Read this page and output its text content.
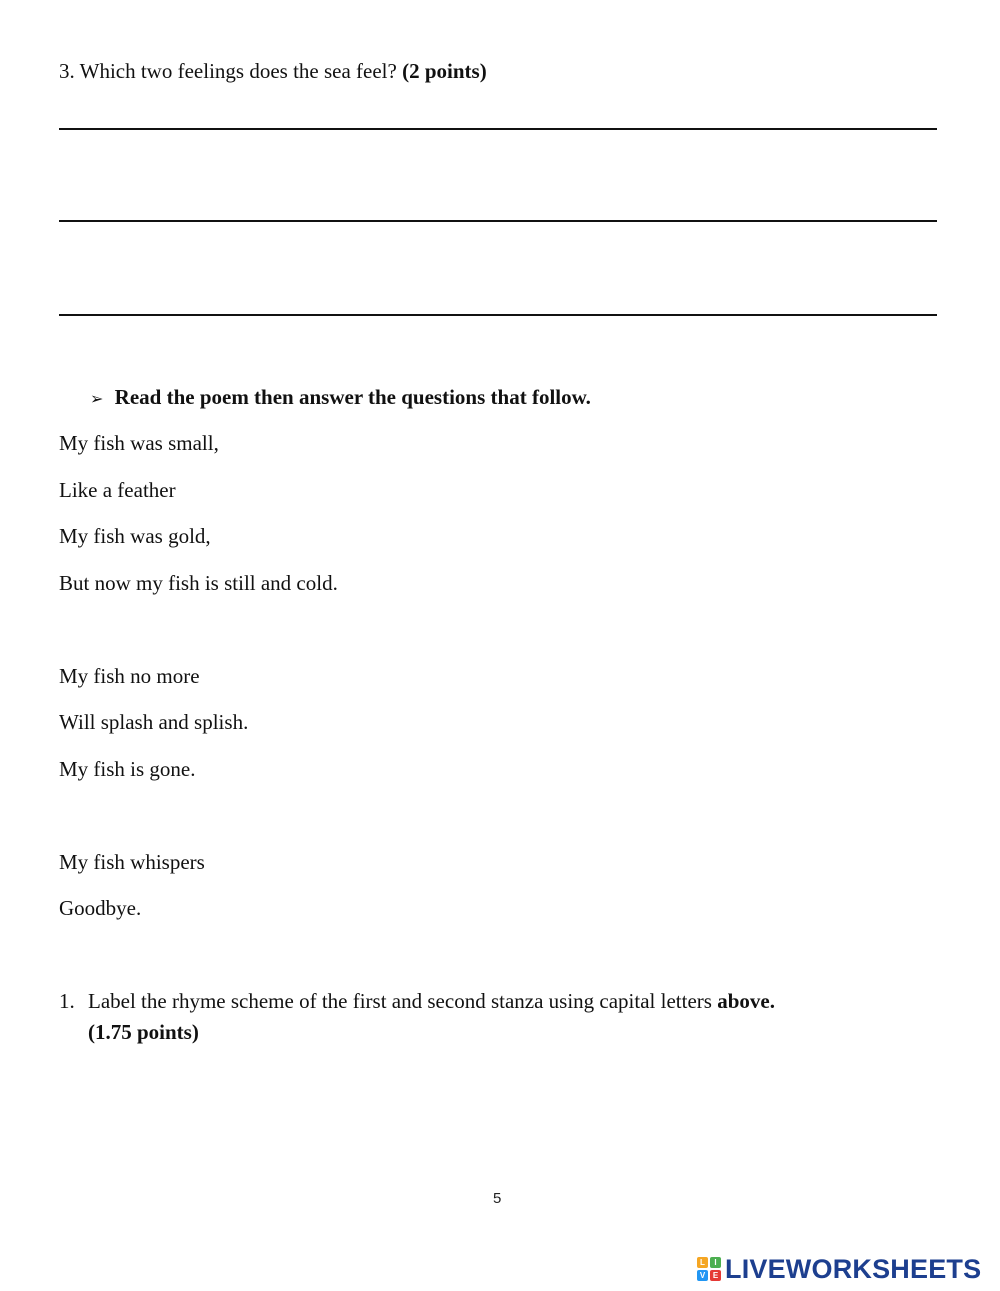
3. Which two feelings does the sea feel? (2 points)
➢ Read the poem then answer the questions that follow.
My fish was small,
Like a feather
My fish was gold,
But now my fish is still and cold.
My fish no more
Will splash and splish.
My fish is gone.
My fish whispers
Goodbye.
1. Label the rhyme scheme of the first and second stanza using capital letters above.
(1.75 points)
5
L	I
V E LIVEWORKSHEETS
